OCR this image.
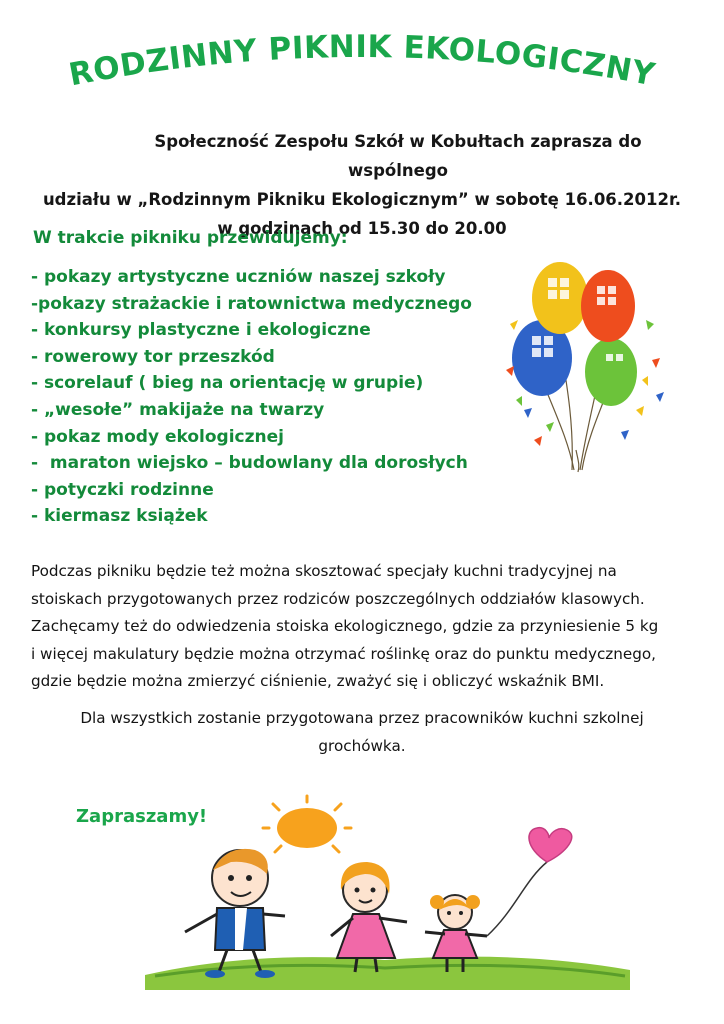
RODZINNY PIKNIK EKOLOGICZNY
Społeczność Zespołu Szkół w Kobułtach zaprasza do wspólnego
udziału w „Rodzinnym Pikniku Ekologicznym” w sobotę 16.06.2012r.
w godzinach od 15.30 do 20.00
W trakcie pikniku przewidujemy:
- pokazy artystyczne uczniów naszej szkoły
-pokazy strażackie i ratownictwa medycznego
- konkursy plastyczne i ekologiczne
- rowerowy tor przeszkód
- scorelauf ( bieg na orientację w grupie)
- „wesołe” makijaże na twarzy
- pokaz mody ekologicznej
-  maraton wiejsko – budowlany dla dorosłych
- potyczki rodzinne
- kiermasz książek
Podczas pikniku będzie też można skosztować specjały kuchni tradycyjnej na
stoiskach przygotowanych przez rodziców poszczególnych oddziałów klasowych.
Zachęcamy też do odwiedzenia stoiska ekologicznego, gdzie za przyniesienie 5 kg
i więcej makulatury będzie można otrzymać roślinkę oraz do punktu medycznego,
gdzie będzie można zmierzyć ciśnienie, zważyć się i obliczyć wskaźnik BMI.
Dla wszystkich zostanie przygotowana przez pracowników kuchni szkolnej
grochówka.
Zapraszamy!
